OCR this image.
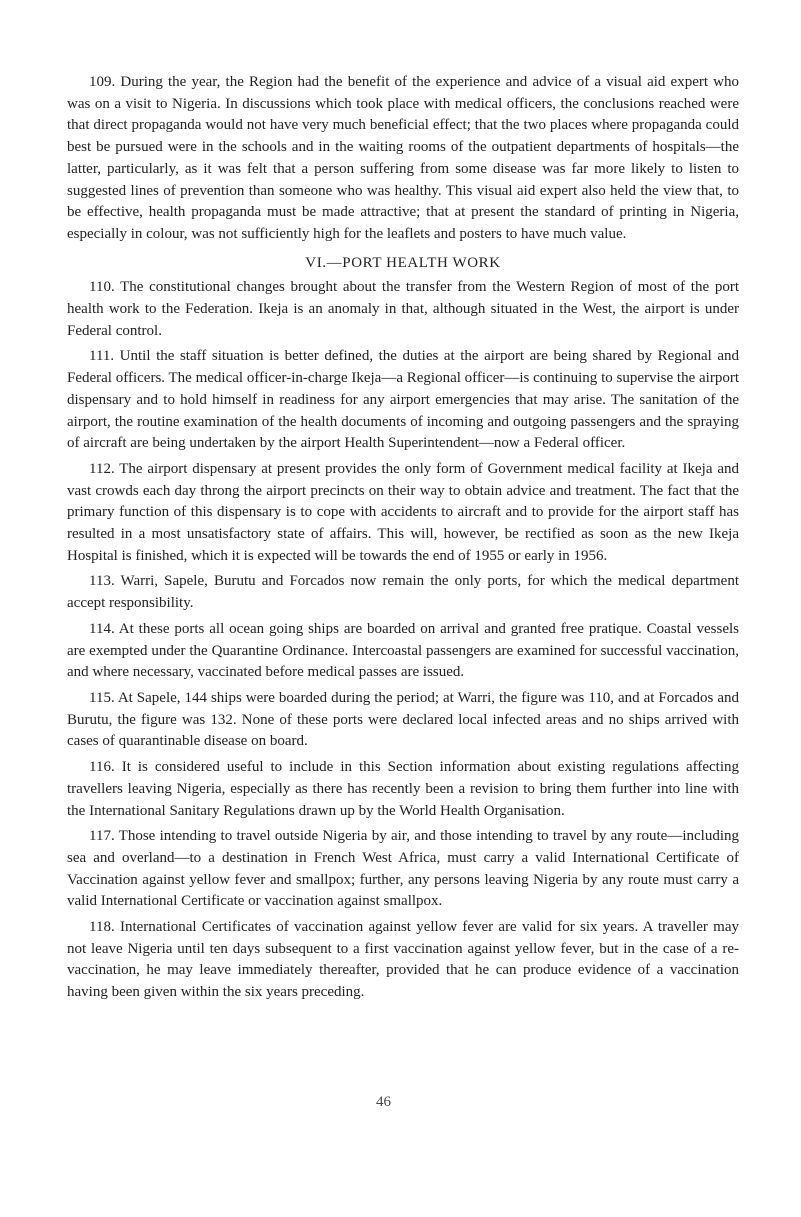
109. During the year, the Region had the benefit of the experience and advice of a visual aid expert who was on a visit to Nigeria. In discussions which took place with medical officers, the conclusions reached were that direct propaganda would not have very much beneficial effect; that the two places where propaganda could best be pursued were in the schools and in the waiting rooms of the outpatient departments of hospitals—the latter, particularly, as it was felt that a person suffering from some disease was far more likely to listen to suggested lines of prevention than someone who was healthy. This visual aid expert also held the view that, to be effective, health propaganda must be made attractive; that at present the standard of printing in Nigeria, especially in colour, was not sufficiently high for the leaflets and posters to have much value.

VI.—PORT HEALTH WORK

110. The constitutional changes brought about the transfer from the Western Region of most of the port health work to the Federation. Ikeja is an anomaly in that, although situated in the West, the airport is under Federal control.

111. Until the staff situation is better defined, the duties at the airport are being shared by Regional and Federal officers. The medical officer-in-charge Ikeja—a Regional officer—is continuing to supervise the airport dispensary and to hold himself in readiness for any airport emergencies that may arise. The sanitation of the airport, the routine examination of the health documents of incoming and outgoing passengers and the spraying of aircraft are being undertaken by the airport Health Superintendent—now a Federal officer.

112. The airport dispensary at present provides the only form of Government medical facility at Ikeja and vast crowds each day throng the airport precincts on their way to obtain advice and treatment. The fact that the primary function of this dispensary is to cope with accidents to aircraft and to provide for the airport staff has resulted in a most unsatisfactory state of affairs. This will, however, be rectified as soon as the new Ikeja Hospital is finished, which it is expected will be towards the end of 1955 or early in 1956.

113. Warri, Sapele, Burutu and Forcados now remain the only ports, for which the medical department accept responsibility.

114. At these ports all ocean going ships are boarded on arrival and granted free pratique. Coastal vessels are exempted under the Quarantine Ordinance. Intercoastal passengers are examined for successful vaccination, and where necessary, vaccinated before medical passes are issued.

115. At Sapele, 144 ships were boarded during the period; at Warri, the figure was 110, and at Forcados and Burutu, the figure was 132. None of these ports were declared local infected areas and no ships arrived with cases of quarantinable disease on board.

116. It is considered useful to include in this Section information about existing regulations affecting travellers leaving Nigeria, especially as there has recently been a revision to bring them further into line with the International Sanitary Regulations drawn up by the World Health Organisation.

117. Those intending to travel outside Nigeria by air, and those intending to travel by any route—including sea and overland—to a destination in French West Africa, must carry a valid International Certificate of Vaccination against yellow fever and smallpox; further, any persons leaving Nigeria by any route must carry a valid International Certificate or vaccination against smallpox.

118. International Certificates of vaccination against yellow fever are valid for six years. A traveller may not leave Nigeria until ten days subsequent to a first vaccination against yellow fever, but in the case of a re-vaccination, he may leave immediately thereafter, provided that he can produce evidence of a vaccination having been given within the six years preceding.

46
